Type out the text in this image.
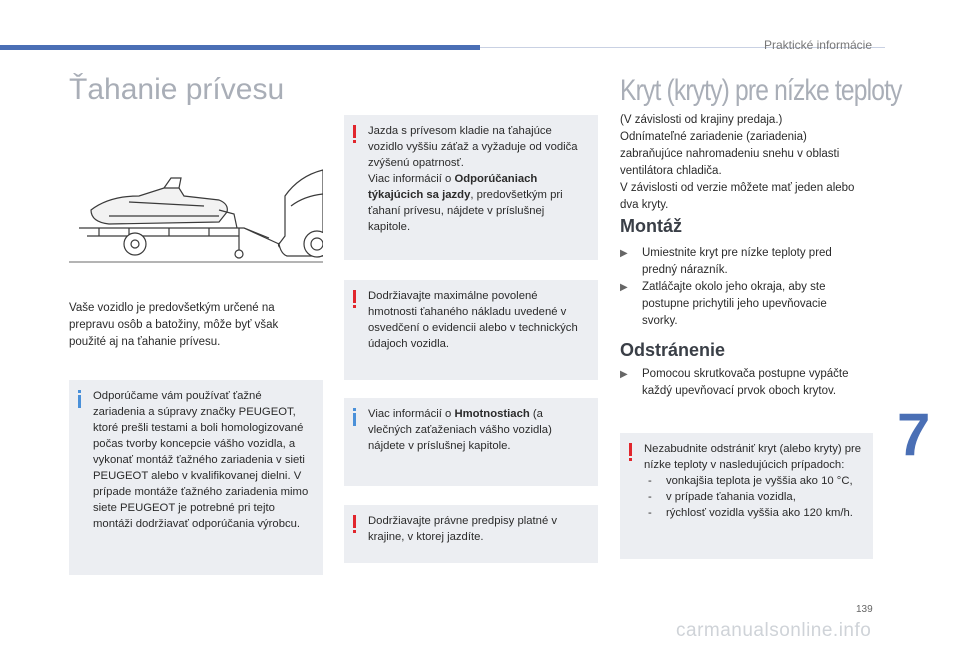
Praktické informácie
Ťahanie prívesu
Vaše vozidlo je predovšetkým určené na prepravu osôb a batožiny, môže byť však použité aj na ťahanie prívesu.
Odporúčame vám používať ťažné zariadenia a súpravy značky PEUGEOT, ktoré prešli testami a boli homologizované počas tvorby koncepcie vášho vozidla, a vykonať montáž ťažného zariadenia v sieti PEUGEOT alebo v kvalifikovanej dielni. V prípade montáže ťažného zariadenia mimo siete PEUGEOT je potrebné pri tejto montáži dodržiavať odporúčania výrobcu.
Jazda s prívesom kladie na ťahajúce vozidlo vyššiu záťaž a vyžaduje od vodiča zvýšenú opatrnosť.
Viac informácií o Odporúčaniach týkajúcich sa jazdy, predovšetkým pri ťahaní prívesu, nájdete v príslušnej kapitole.
Dodržiavajte maximálne povolené hmotnosti ťahaného nákladu uvedené v osvedčení o evidencii alebo v technických údajoch vozidla.
Viac informácií o Hmotnostiach (a vlečných zaťaženiach vášho vozidla) nájdete v príslušnej kapitole.
Dodržiavajte právne predpisy platné v krajine, v ktorej jazdíte.
Kryt (kryty) pre nízke teploty
(V závislosti od krajiny predaja.)
Odnímateľné zariadenie (zariadenia) zabraňujúce nahromadeniu snehu v oblasti ventilátora chladiča.
V závislosti od verzie môžete mať jeden alebo dva kryty.
Montáž
▶ Umiestnite kryt pre nízke teploty pred predný nárazník.
▶ Zatláčajte okolo jeho okraja, aby ste postupne prichytili jeho upevňovacie svorky.
Odstránenie
▶ Pomocou skrutkovača postupne vypáčte každý upevňovací prvok oboch krytov.
Nezabudnite odstrániť kryt (alebo kryty) pre nízke teploty v nasledujúcich prípadoch:
- vonkajšia teplota je vyššia ako 10 °C,
- v prípade ťahania vozidla,
- rýchlosť vozidla vyššia ako 120 km/h.
7
139
carmanualsonline.info
